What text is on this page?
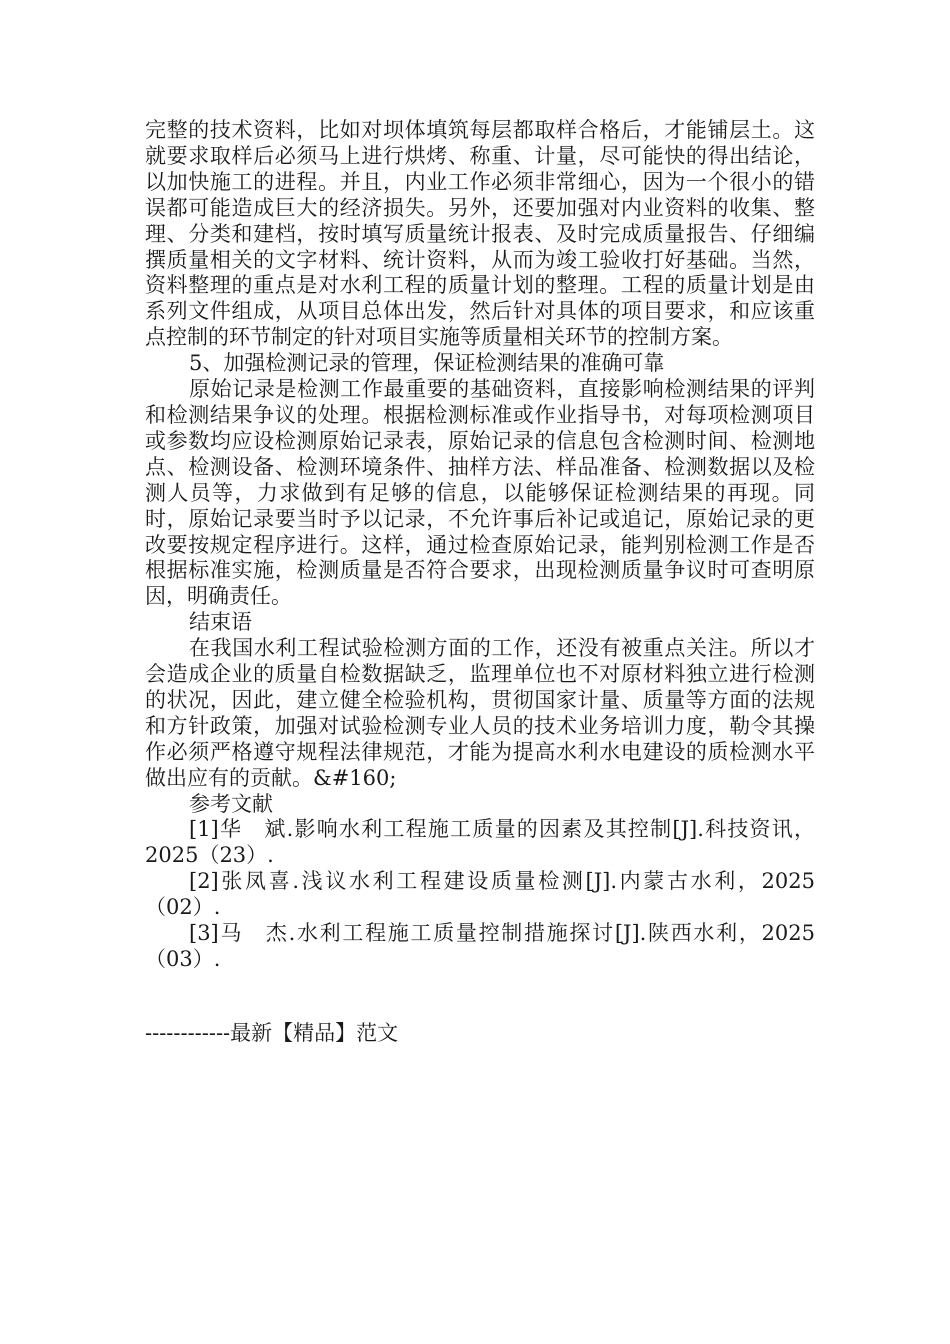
完整的技术资料，比如对坝体填筑每层都取样合格后，才能铺层土。这就要求取样后必须马上进行烘烤、称重、计量，尽可能快的得出结论，以加快施工的进程。并且，内业工作必须非常细心，因为一个很小的错误都可能造成巨大的经济损失。另外，还要加强对内业资料的收集、整理、分类和建档，按时填写质量统计报表、及时完成质量报告、仔细编撰质量相关的文字材料、统计资料，从而为竣工验收打好基础。当然，资料整理的重点是对水利工程的质量计划的整理。工程的质量计划是由系列文件组成，从项目总体出发，然后针对具体的项目要求，和应该重点控制的环节制定的针对项目实施等质量相关环节的控制方案。

5、加强检测记录的管理，保证检测结果的准确可靠

原始记录是检测工作最重要的基础资料，直接影响检测结果的评判和检测结果争议的处理。根据检测标准或作业指导书，对每项检测项目或参数均应设检测原始记录表，原始记录的信息包含检测时间、检测地点、检测设备、检测环境条件、抽样方法、样品准备、检测数据以及检测人员等，力求做到有足够的信息，以能够保证检测结果的再现。同时，原始记录要当时予以记录，不允许事后补记或追记，原始记录的更改要按规定程序进行。这样，通过检查原始记录，能判别检测工作是否根据标准实施，检测质量是否符合要求，出现检测质量争议时可查明原因，明确责任。

结束语

在我国水利工程试验检测方面的工作，还没有被重点关注。所以才会造成企业的质量自检数据缺乏，监理单位也不对原材料独立进行检测的状况，因此，建立健全检验机构，贯彻国家计量、质量等方面的法规和方针政策，加强对试验检测专业人员的技术业务培训力度，勒令其操作必须严格遵守规程法律规范，才能为提高水利水电建设的质检测水平做出应有的贡献。&#160;

参考文献

[1]华　斌.影响水利工程施工质量的因素及其控制[J].科技资讯，2025（23）.

[2]张凤喜.浅议水利工程建设质量检测[J].内蒙古水利，2025（02）.

[3]马　杰.水利工程施工质量控制措施探讨[J].陕西水利，2025（03）.

------------最新【精品】范文
